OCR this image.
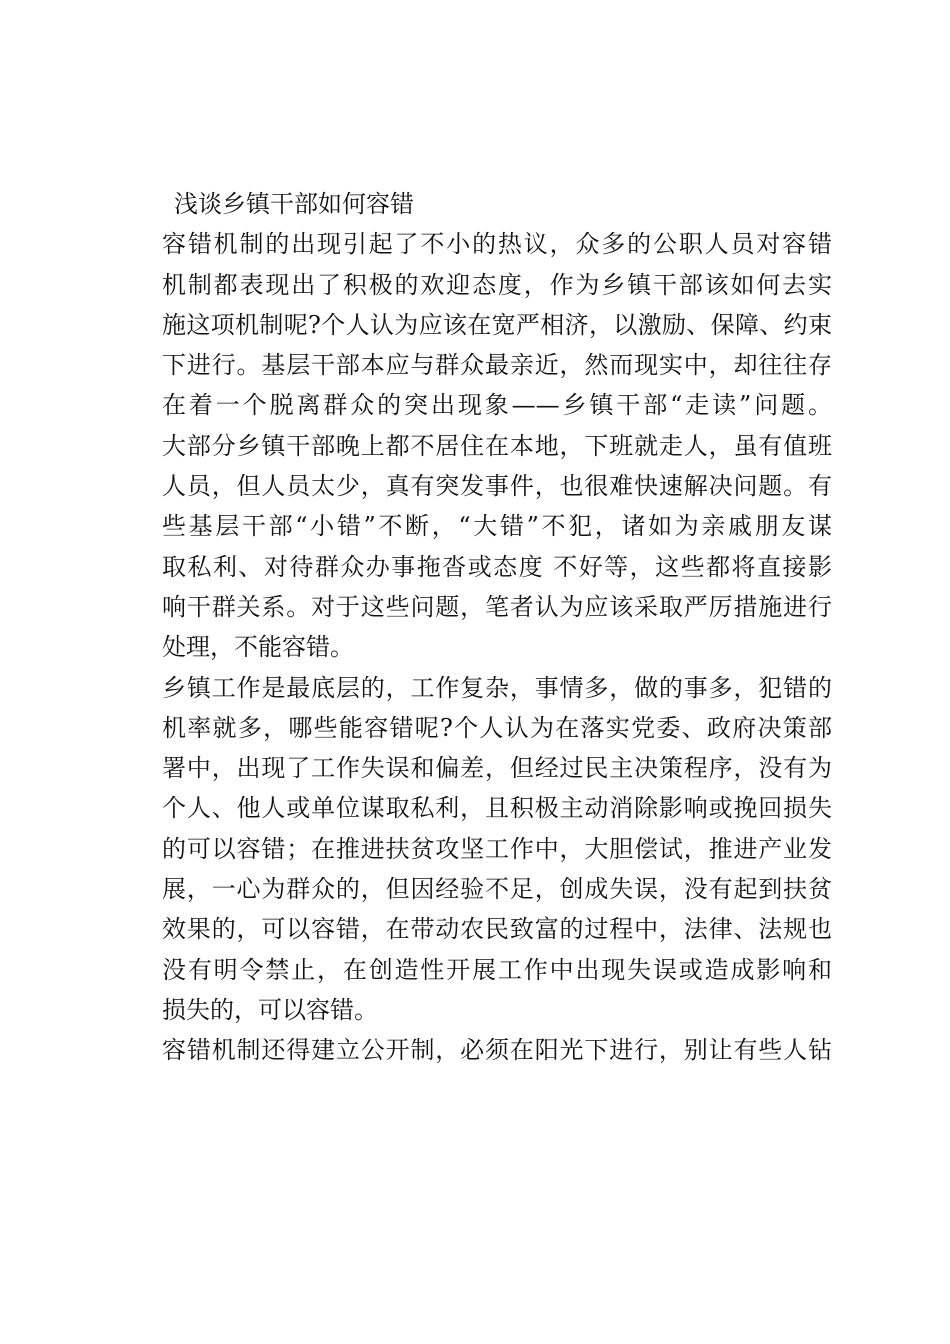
浅谈乡镇干部如何容错
容错机制的出现引起了不小的热议，众多的公职人员对容错
机制都表现出了积极的欢迎态度，作为乡镇干部该如何去实
施这项机制呢?个人认为应该在宽严相济，以激励、保障、约束
下进行。基层干部本应与群众最亲近，然而现实中，却往往存
在着一个脱离群众的突出现象——乡镇干部“走读”问题。
大部分乡镇干部晚上都不居住在本地，下班就走人，虽有值班
人员，但人员太少，真有突发事件，也很难快速解决问题。有
些基层干部“小错”不断，“大错”不犯，诸如为亲戚朋友谋
取私利、对待群众办事拖沓或态度 不好等，这些都将直接影
响干群关系。对于这些问题，笔者认为应该采取严厉措施进行
处理，不能容错。
乡镇工作是最底层的，工作复杂，事情多，做的事多，犯错的
机率就多，哪些能容错呢?个人认为在落实党委、政府决策部
署中，出现了工作失误和偏差，但经过民主决策程序，没有为
个人、他人或单位谋取私利，且积极主动消除影响或挽回损失
的可以容错；在推进扶贫攻坚工作中，大胆偿试，推进产业发
展，一心为群众的，但因经验不足，创成失误，没有起到扶贫
效果的，可以容错，在带动农民致富的过程中，法律、法规也
没有明令禁止，在创造性开展工作中出现失误或造成影响和
损失的，可以容错。
容错机制还得建立公开制，必须在阳光下进行，别让有些人钻
